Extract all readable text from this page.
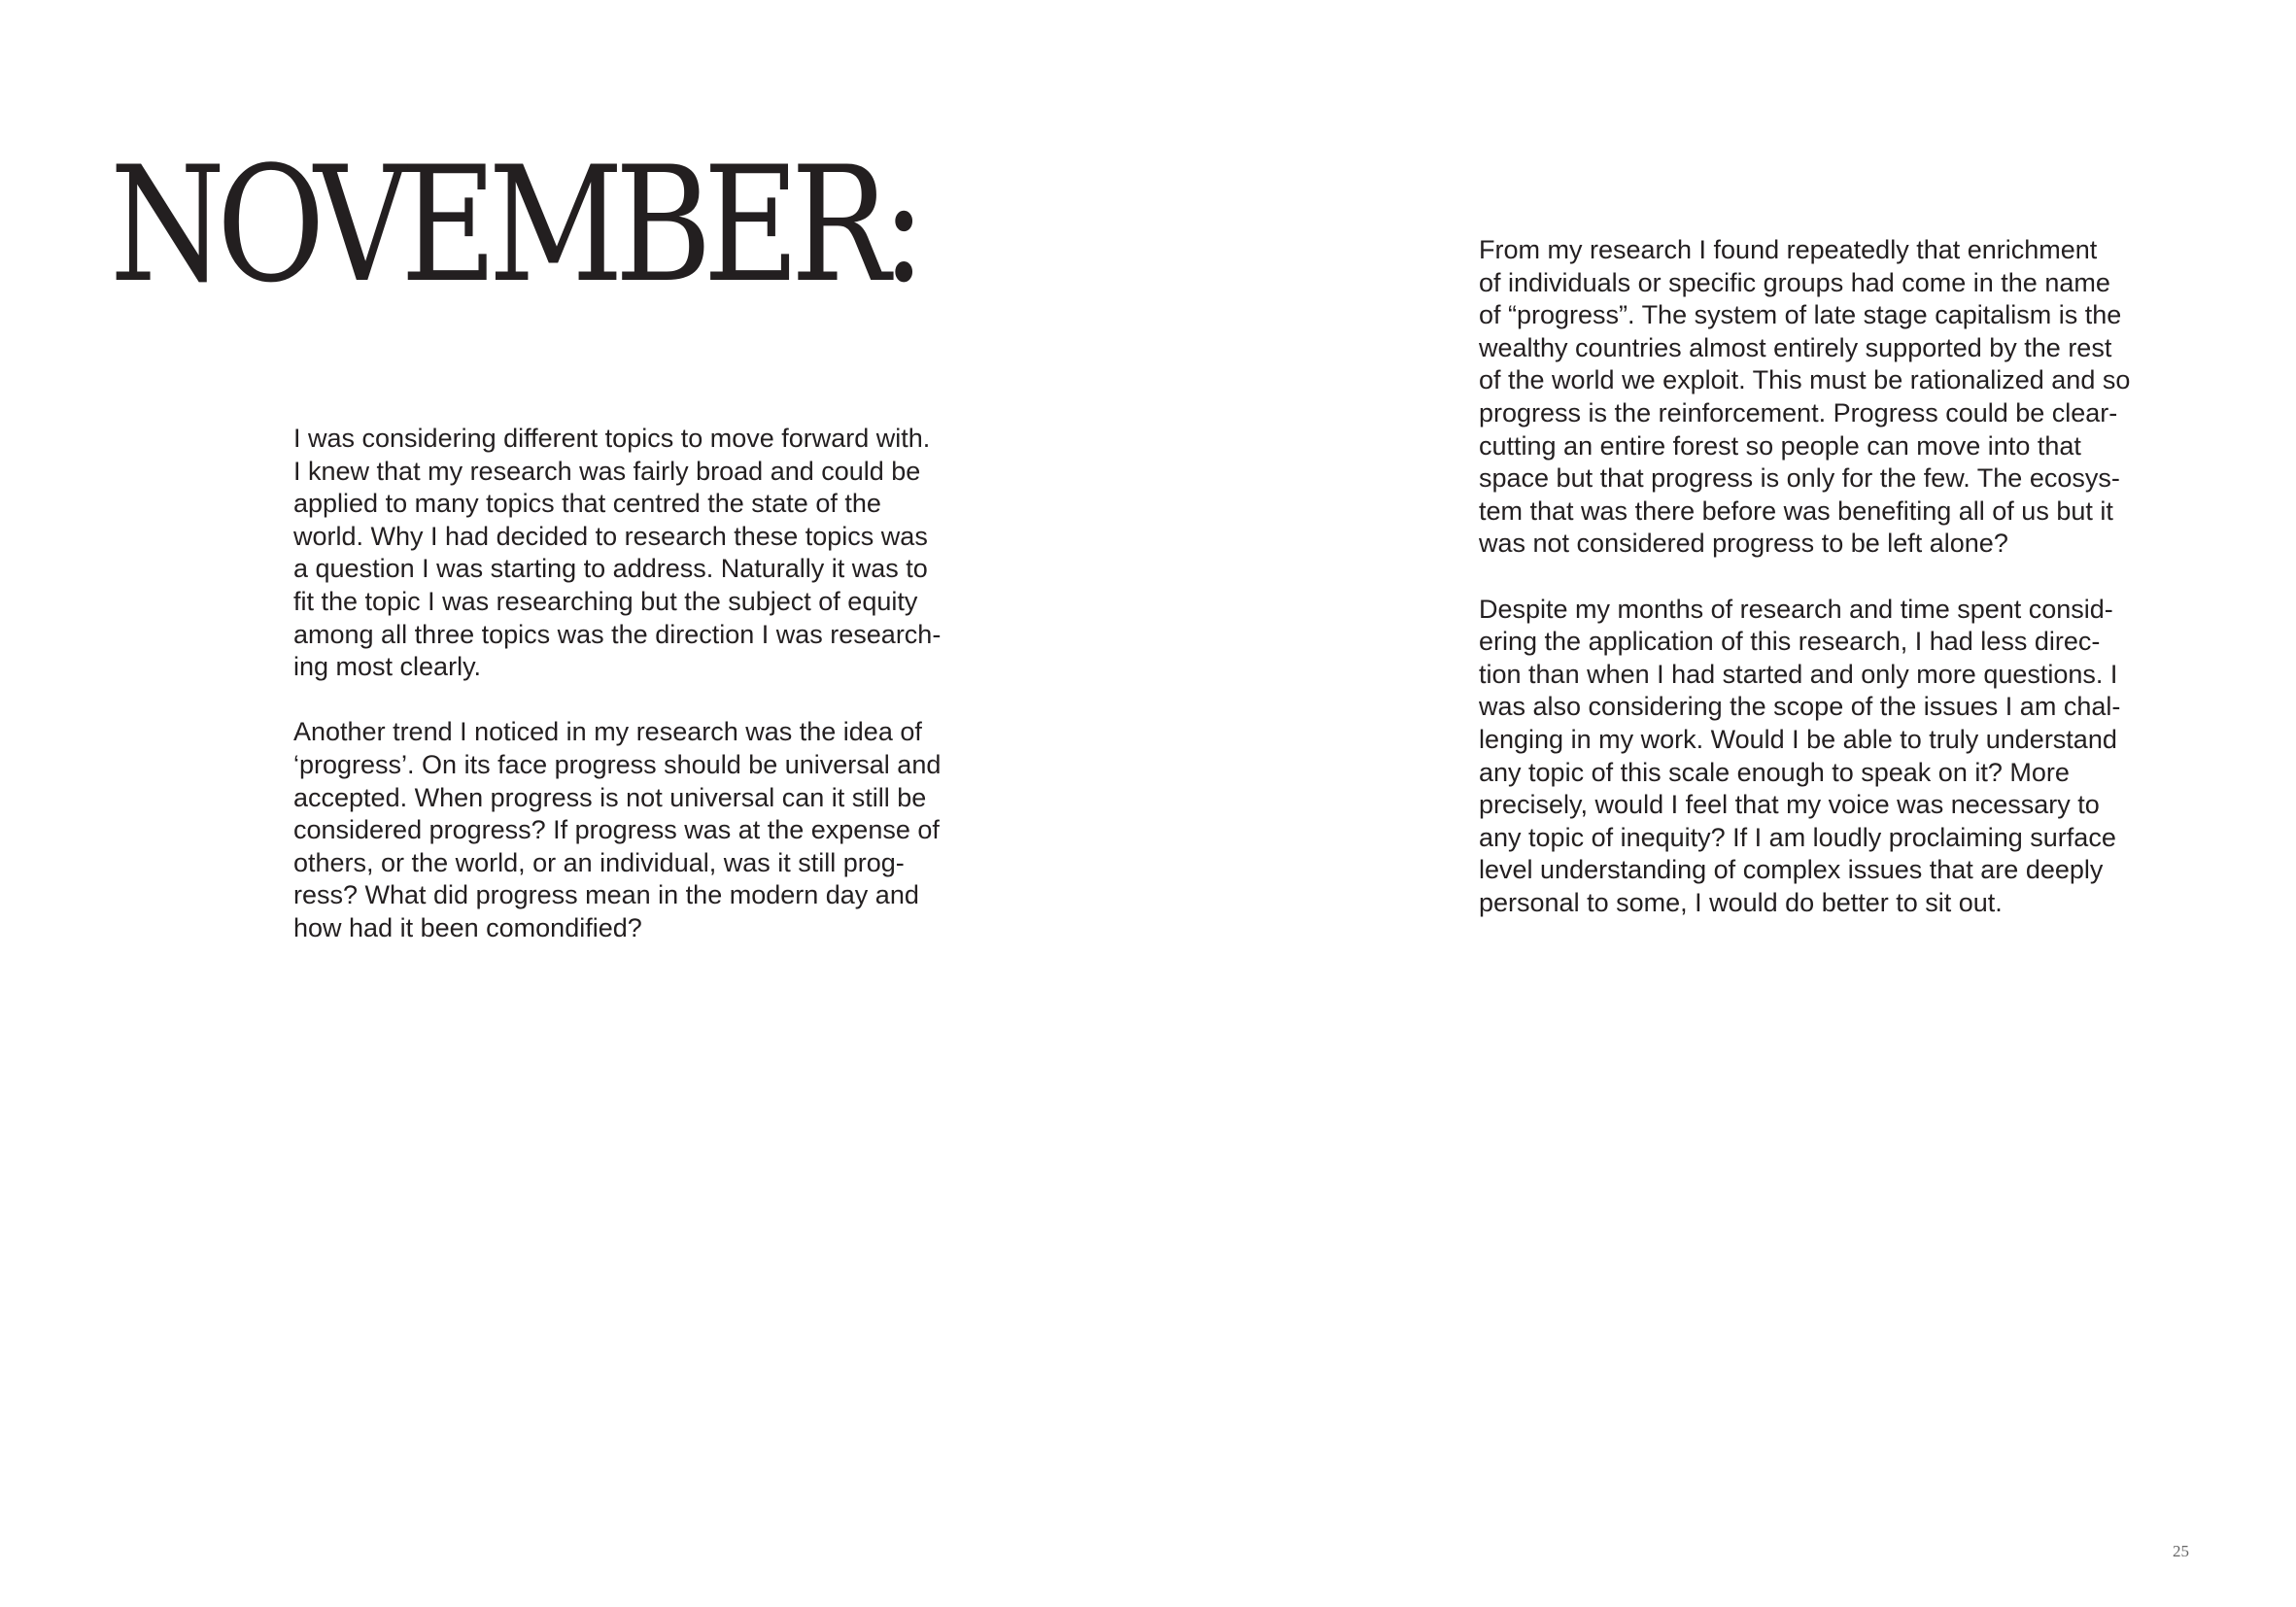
NOVEMBER:

I was considering different topics to move forward with.
I knew that my research was fairly broad and could be
applied to many topics that centred the state of the
world. Why I had decided to research these topics was
a question I was starting to address. Naturally it was to
fit the topic I was researching but the subject of equity
among all three topics was the direction I was research-
ing most clearly.

Another trend I noticed in my research was the idea of
‘progress’. On its face progress should be universal and
accepted. When progress is not universal can it still be
considered progress? If progress was at the expense of
others, or the world, or an individual, was it still prog-
ress? What did progress mean in the modern day and
how had it been comondified?

From my research I found repeatedly that enrichment
of individuals or specific groups had come in the name
of “progress”. The system of late stage capitalism is the
wealthy countries almost entirely supported by the rest
of the world we exploit. This must be rationalized and so
progress is the reinforcement. Progress could be clear-
cutting an entire forest so people can move into that
space but that progress is only for the few. The ecosys-
tem that was there before was benefiting all of us but it
was not considered progress to be left alone?

Despite my months of research and time spent consid-
ering the application of this research, I had less direc-
tion than when I had started and only more questions. I
was also considering the scope of the issues I am chal-
lenging in my work. Would I be able to truly understand
any topic of this scale enough to speak on it? More
precisely, would I feel that my voice was necessary to
any topic of inequity? If I am loudly proclaiming surface
level understanding of complex issues that are deeply
personal to some, I would do better to sit out.

25
